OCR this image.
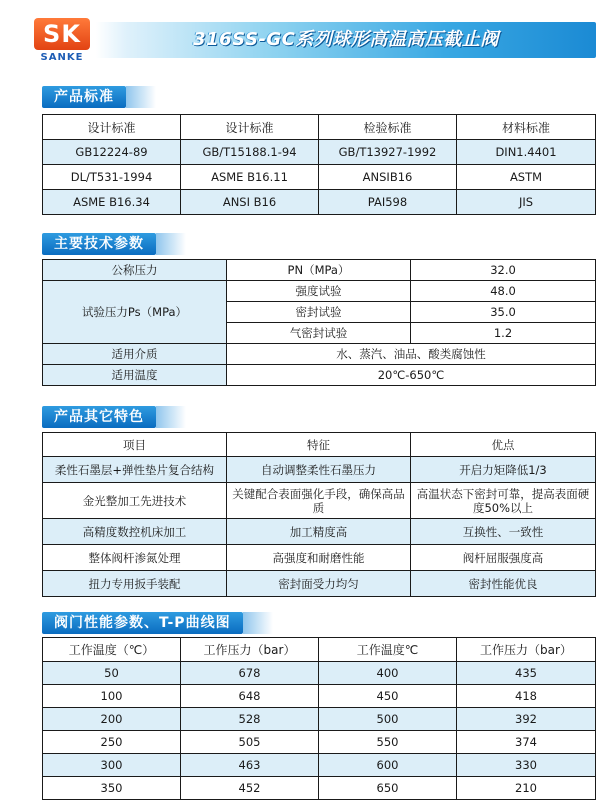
SK
SANKE
316SS-GC系列球形高温高压截止阀
产品标准
设计标准	设计标准	检验标准	材料标准
GB12224-89	GB/T15188.1-94	GB/T13927-1992	DIN1.4401
DL/T531-1994	ASME B16.11	ANSIB16	ASTM
ASME B16.34	ANSI B16	PAI598	JIS
主要技术参数
公称压力	PN（MPa）	32.0
试验压力Ps（MPa）	强度试验	48.0
	密封试验	35.0
	气密封试验	1.2
适用介质	水、蒸汽、油品、酸类腐蚀性	
适用温度	20℃-650℃	
产品其它特色
项目	特征	优点
柔性石墨层+弹性垫片复合结构	自动调整柔性石墨压力	开启力矩降低1/3
金光整加工先进技术	关键配合表面强化手段，确保高品质	高温状态下密封可靠，提高表面硬度50%以上
高精度数控机床加工	加工精度高	互换性、一致性
整体阀杆渗氮处理	高强度和耐磨性能	阀杆屈服强度高
扭力专用扳手装配	密封面受力均匀	密封性能优良
阀门性能参数、T-P曲线图
工作温度（℃）	工作压力（bar）	工作温度℃	工作压力（bar）
50	678	400	435
100	648	450	418
200	528	500	392
250	505	550	374
300	463	600	330
350	452	650	210
